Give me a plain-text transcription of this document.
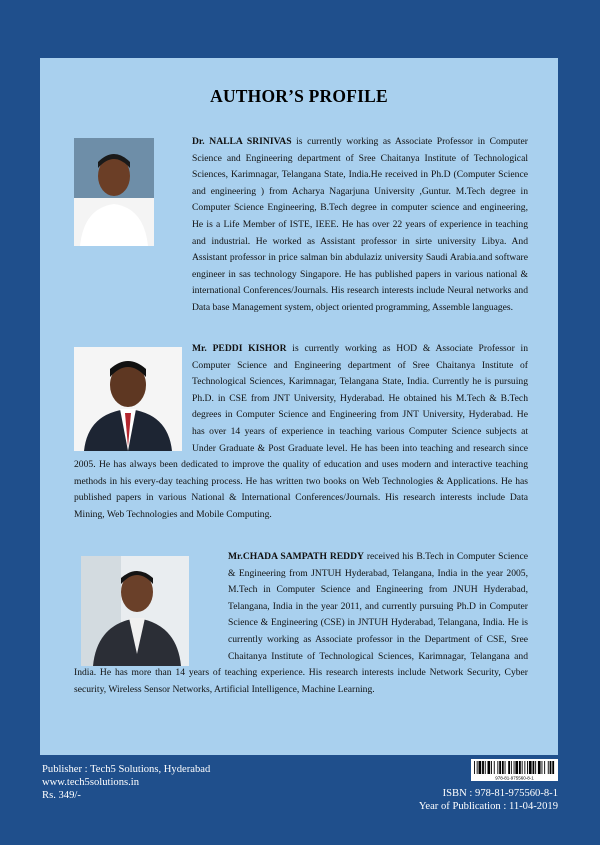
AUTHOR’S PROFILE

Dr. NALLA SRINIVAS is currently working as Associate Professor in Computer Science and Engineering department of Sree Chaitanya Institute of Technological Sciences, Karimnagar, Telangana State, India.He received in Ph.D (Computer Science and engineering ) from Acharya Nagarjuna University ,Guntur. M.Tech degree in Computer Science Engineering, B.Tech degree in computer science and engineering, He is a Life Member of ISTE, IEEE. He has over 22 years of experience in teaching and industrial. He worked as Assistant professor in sirte university Libya. And Assistant professor in price salman bin abdulaziz university Saudi Arabia.and software engineer in sas technology Singapore. He has published papers in various national & international Conferences/Journals. His research interests include Neural networks and Data base Management system, object oriented programming, Assemble languages.

Mr. PEDDI KISHOR is currently working as HOD & Associate Professor in Computer Science and Engineering department of Sree Chaitanya Institute of Technological Sciences, Karimnagar, Telangana State, India. Currently he is pursuing Ph.D. in CSE from JNT University, Hyderabad. He obtained his M.Tech & B.Tech degrees in Computer Science and Engineering from JNT University, Hyderabad. He has over 14 years of experience in teaching various Computer Science subjects at Under Graduate & Post Graduate level. He has been into teaching and research since 2005. He has always been dedicated to improve the quality of education and uses modern and interactive teaching methods in his every-day teaching process. He has written two books on Web Technologies & Applications. He has published papers in various National & International Conferences/Journals. His research interests include Data Mining, Web Technologies and Mobile Computing.

Mr.CHADA SAMPATH REDDY received his B.Tech in Computer Science & Engineering from JNTUH Hyderabad, Telangana, India in the year 2005, M.Tech in Computer Science and Engineering from JNUH Hyderabad, Telangana, India in the year 2011, and currently pursuing Ph.D in Computer Science & Engineering (CSE) in JNTUH Hyderabad, Telangana, India. He is currently working as Associate professor in the Department of CSE, Sree Chaitanya Institute of Technological Sciences, Karimnagar, Telangana and India. He has more than 14 years of teaching experience. His research interests include Network Security, Cyber security, Wireless Sensor Networks, Artificial Intelligence, Machine Learning.

Publisher : Tech5 Solutions, Hyderabad
www.tech5solutions.in
Rs. 349/-
978-81-975560-8-1
ISBN : 978-81-975560-8-1
Year of Publication : 11-04-2019
